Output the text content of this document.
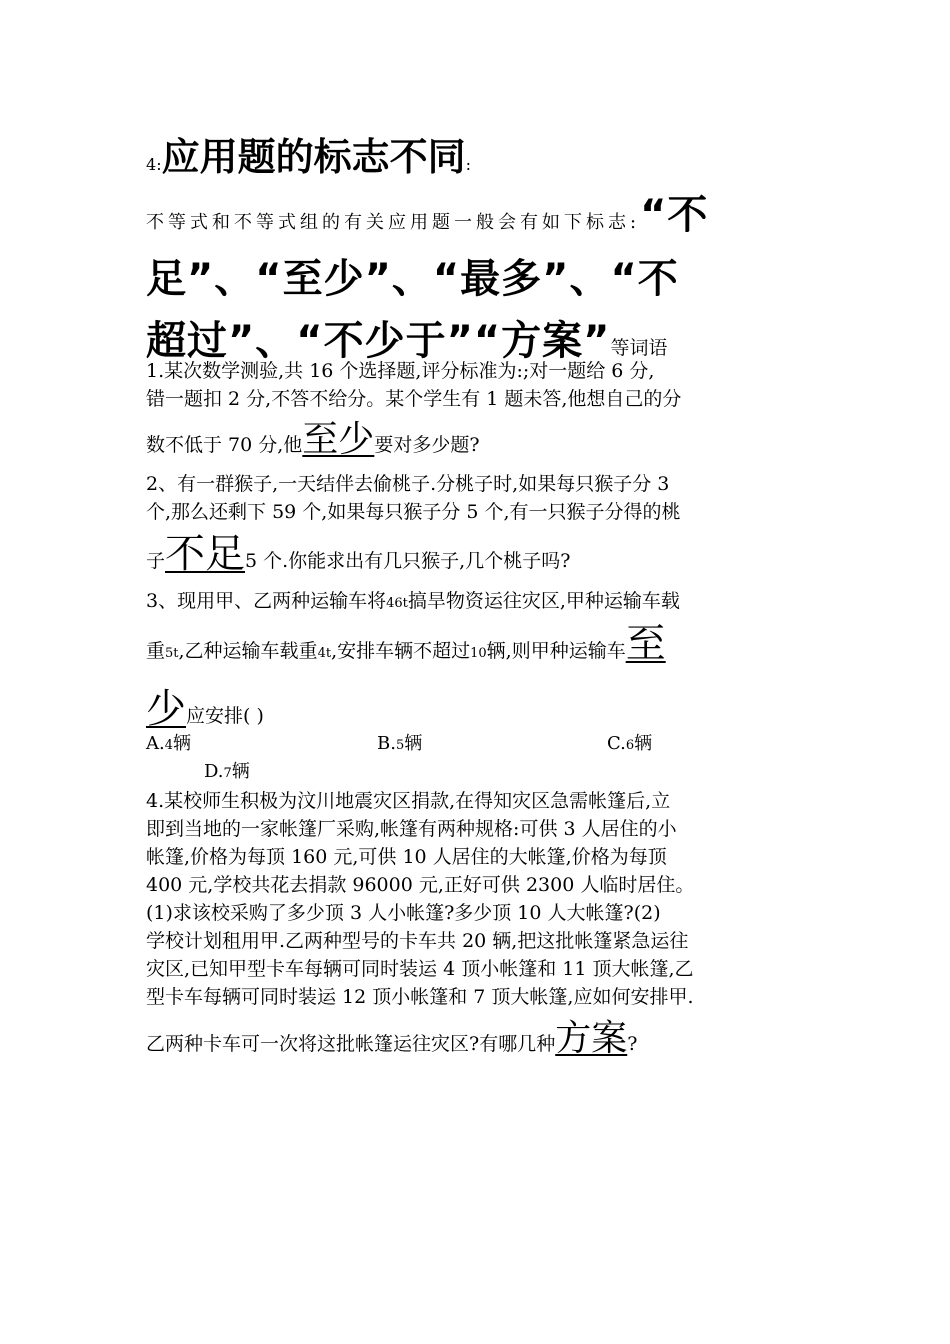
4:应用题的标志不同:
不等式和不等式组的有关应用题一般会有如下标志:“不
足”、“至少”、“最多”、“不
超过”、“不少于”“方案”等词语
1.某次数学测验,共 16 个选择题,评分标准为:;对一题给 6 分,
错一题扣 2 分,不答不给分。某个学生有 1 题未答,他想自己的分
数不低于 70 分,他至少要对多少题?
2、有一群猴子,一天结伴去偷桃子.分桃子时,如果每只猴子分 3
个,那么还剩下 59 个,如果每只猴子分 5 个,有一只猴子分得的桃
子不足5 个.你能求出有几只猴子,几个桃子吗?
3、现用甲、乙两种运输车将46t搞旱物资运往灾区,甲种运输车载
重5t,乙种运输车载重4t,安排车辆不超过10辆,则甲种运输车至
少应安排( )
A.4辆	B.5辆	C.6辆
D.7辆
4.某校师生积极为汶川地震灾区捐款,在得知灾区急需帐篷后,立
即到当地的一家帐篷厂采购,帐篷有两种规格:可供 3 人居住的小
帐篷,价格为每顶 160 元,可供 10 人居住的大帐篷,价格为每顶
400 元,学校共花去捐款 96000 元,正好可供 2300 人临时居住。
(1)求该校采购了多少顶 3 人小帐篷?多少顶 10 人大帐篷?(2)
学校计划租用甲.乙两种型号的卡车共 20 辆,把这批帐篷紧急运往
灾区,已知甲型卡车每辆可同时装运 4 顶小帐篷和 11 顶大帐篷,乙
型卡车每辆可同时装运 12 顶小帐篷和 7 顶大帐篷,应如何安排甲.
乙两种卡车可一次将这批帐篷运往灾区?有哪几种方案?
